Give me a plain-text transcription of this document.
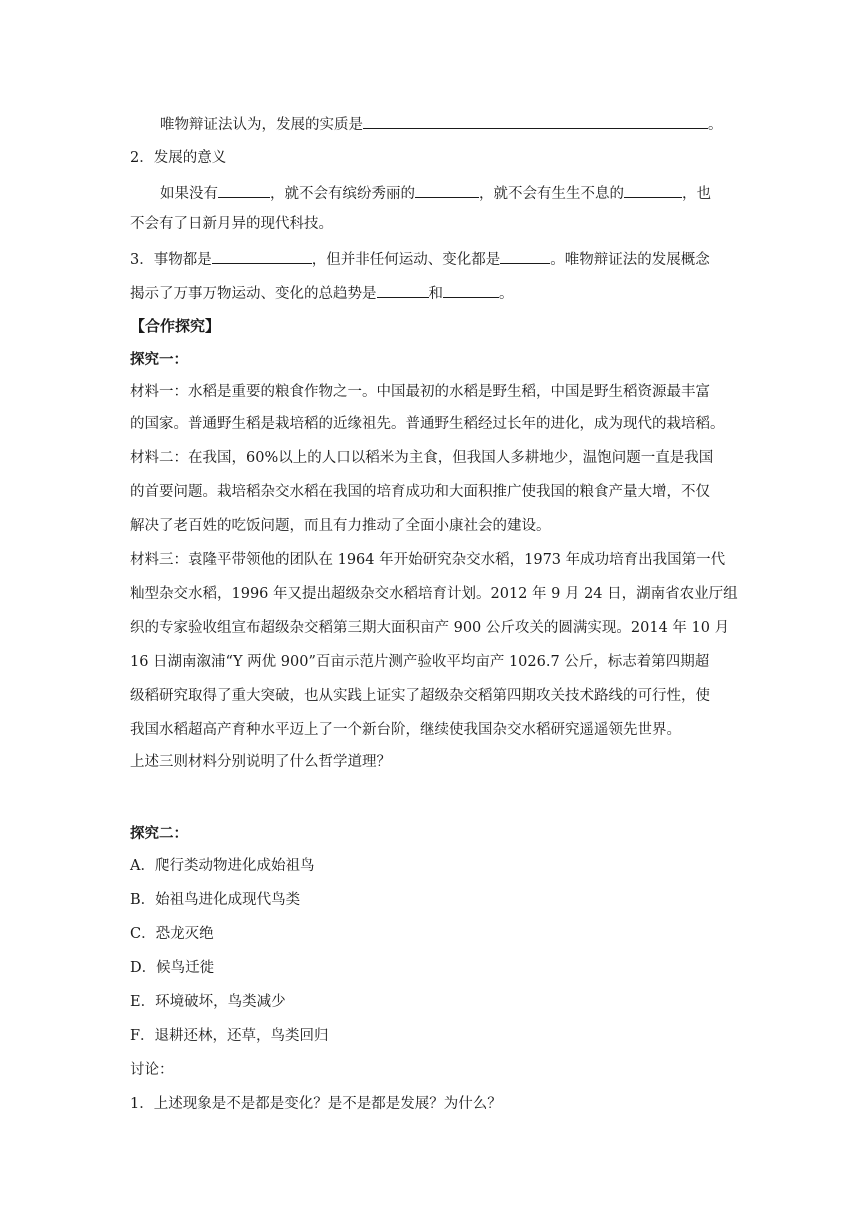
唯物辩证法认为，发展的实质是	。
2．发展的意义
如果没有	，就不会有缤纷秀丽的	，就不会有生生不息的	，也
不会有了日新月异的现代科技。
3．事物都是	，但并非任何运动、变化都是	。唯物辩证法的发展概念
揭示了万事万物运动、变化的总趋势是	和	。
【合作探究】
探究一：
材料一：水稻是重要的粮食作物之一。中国最初的水稻是野生稻，中国是野生稻资源最丰富
的国家。普通野生稻是栽培稻的近缘祖先。普通野生稻经过长年的进化，成为现代的栽培稻。
材料二：在我国，60%以上的人口以稻米为主食，但我国人多耕地少，温饱问题一直是我国
的首要问题。栽培稻杂交水稻在我国的培育成功和大面积推广使我国的粮食产量大增，不仅
解决了老百姓的吃饭问题，而且有力推动了全面小康社会的建设。
材料三：袁隆平带领他的团队在 1964 年开始研究杂交水稻，1973 年成功培育出我国第一代
籼型杂交水稻，1996 年又提出超级杂交水稻培育计划。2012 年 9 月 24 日，湖南省农业厅组
织的专家验收组宣布超级杂交稻第三期大面积亩产 900 公斤攻关的圆满实现。2014 年 10 月
16 日湖南溆浦“Y 两优 900”百亩示范片测产验收平均亩产 1026.7 公斤，标志着第四期超
级稻研究取得了重大突破，也从实践上证实了超级杂交稻第四期攻关技术路线的可行性，使
我国水稻超高产育种水平迈上了一个新台阶，继续使我国杂交水稻研究遥遥领先世界。
上述三则材料分别说明了什么哲学道理？
探究二：
A．爬行类动物进化成始祖鸟
B．始祖鸟进化成现代鸟类
C．恐龙灭绝
D．候鸟迁徙
E．环境破坏，鸟类减少
F．退耕还林，还草，鸟类回归
讨论：
1．上述现象是不是都是变化？是不是都是发展？为什么？
